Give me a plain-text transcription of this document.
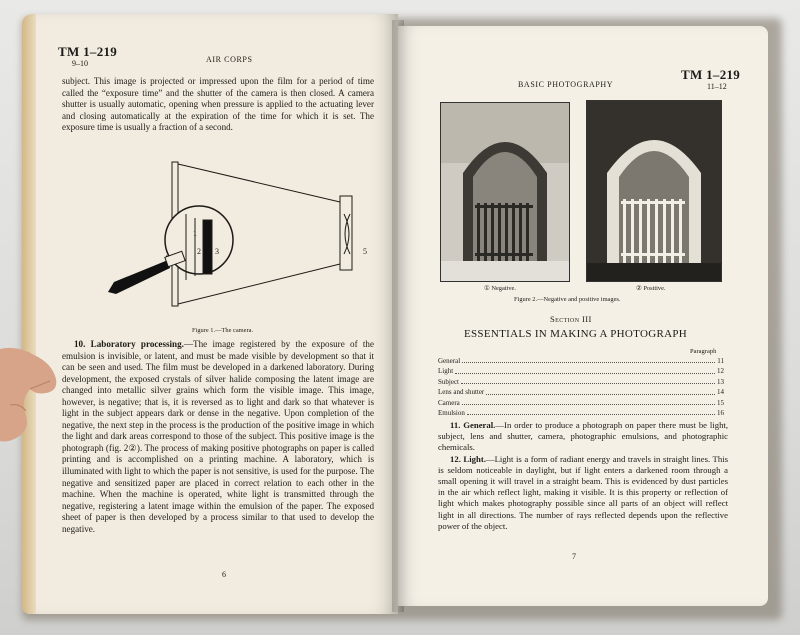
TM 1–219
9–10	AIR CORPS

subject. This image is projected or impressed upon the film for a period of time called the “exposure time” and the shutter of the camera is then closed. A camera shutter is usually automatic, opening when pressure is applied to the actuating lever and closing automatically at the expiration of the time for which it is set. The exposure time is usually a fraction of a second.

1
2 3	5
Figure 1.—The camera.

10. Laboratory processing.—The image registered by the exposure of the emulsion is invisible, or latent, and must be made visible by development so that it can be seen and used. The film must be developed in a darkened laboratory. During development, the exposed crystals of silver halide composing the latent image are changed into metallic silver grains which form the visible image. This image, however, is negative; that is, it is reversed as to light and dark so that whatever is light in the subject appears dark or dense in the negative. Upon completion of the negative, the next step in the process is the production of the positive image in which the light and dark areas correspond to those of the subject. This positive image is the photograph (fig. 2②). The process of making positive photographs on paper is called printing and is accomplished on a printing machine. A laboratory, which is illuminated with light to which the paper is not sensitive, is used for the purpose. The negative and sensitized paper are placed in correct relation to each other in the machine. When the machine is operated, white light is transmitted through the negative, registering a latent image within the emulsion of the paper. The exposed sheet of paper is then developed by a process similar to that used to develop the negative.

6
BASIC PHOTOGRAPHY
TM 1–219
11–12
① Negative.	② Positive.
Figure 2.—Negative and positive images.
Section III
ESSENTIALS IN MAKING A PHOTOGRAPH
Paragraph
General	11
Light	12
Subject	13
Lens and shutter	14
Camera	15
Emulsion	16

11. General.—In order to produce a photograph on paper there must be light, subject, lens and shutter, camera, photographic emulsions, and photographic chemicals.

12. Light.—Light is a form of radiant energy and travels in straight lines. This is seldom noticeable in daylight, but if light enters a darkened room through a small opening it will travel in a straight beam. This is evidenced by dust particles in the air which reflect light, making it visible. It is this property or reflection of light which makes photography possible since all parts of an object will reflect light in all directions. The number of rays reflected depends upon the reflective power of the object.

7
